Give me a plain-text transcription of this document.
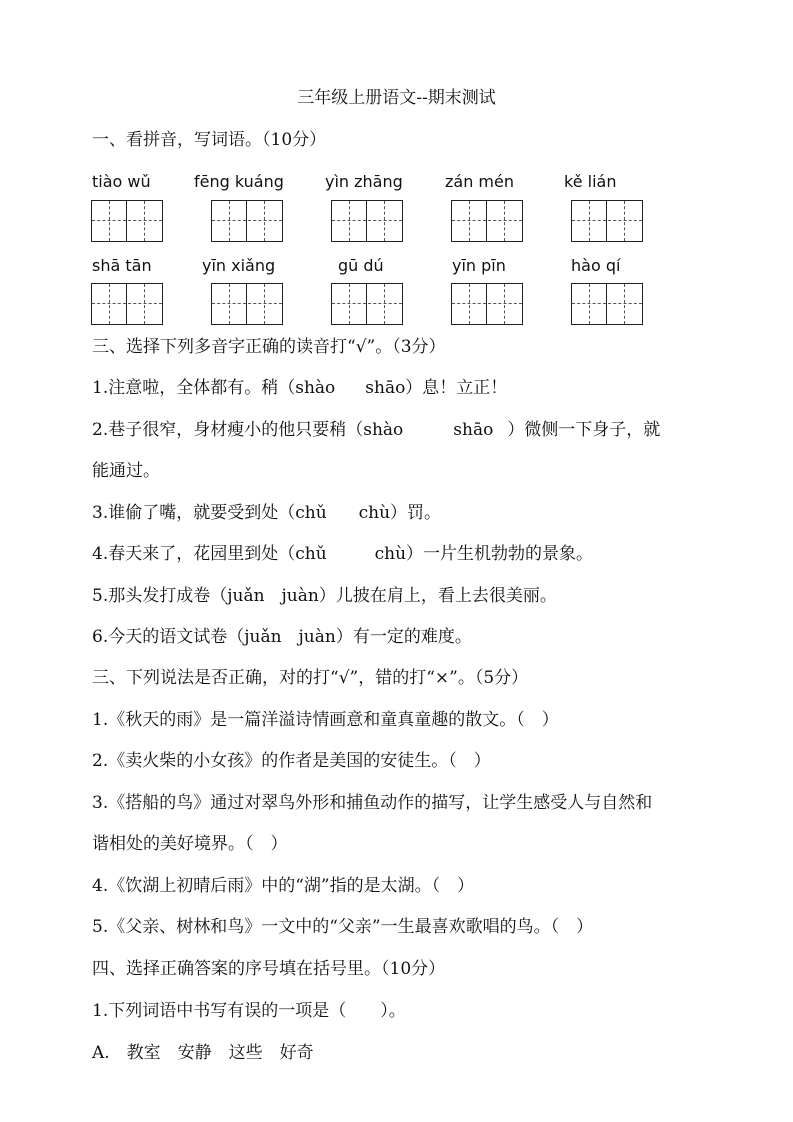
三年级上册语文--期末测试
一、看拼音，写词语。（10分）
tiào wǔ	fēng kuáng	yìn zhāng	zán mén	kě lián
shā tān	yīn xiǎng	gū dú	yīn pīn	hào qí
三、选择下列多音字正确的读音打“√”。（3分）
1.注意啦，全体都有。稍（shào shāo）息！立正！
2.巷子很窄，身材瘦小的他只要稍（shào	shāo ）微侧一下身子，就
能通过。
3.谁偷了嘴，就要受到处（chǔ chù）罚。
4.春天来了，花园里到处（chǔ	chù）一片生机勃勃的景象。
5.那头发打成卷（juǎn　juàn）儿披在肩上，看上去很美丽。
6.今天的语文试卷（juǎn　juàn）有一定的难度。
三、下列说法是否正确，对的打“√”，错的打“×”。（5分）
1.《秋天的雨》是一篇洋溢诗情画意和童真童趣的散文。（　）
2.《卖火柴的小女孩》的作者是美国的安徒生。（　）
3.《搭船的鸟》通过对翠鸟外形和捕鱼动作的描写，让学生感受人与自然和
谐相处的美好境界。（　）
4.《饮湖上初晴后雨》中的“湖”指的是太湖。（　）
5.《父亲、树林和鸟》一文中的“父亲”一生最喜欢歌唱的鸟。（　）
四、选择正确答案的序号填在括号里。（10分）
1.下列词语中书写有误的一项是（　　）。
A.　教室　安静　这些　好奇
